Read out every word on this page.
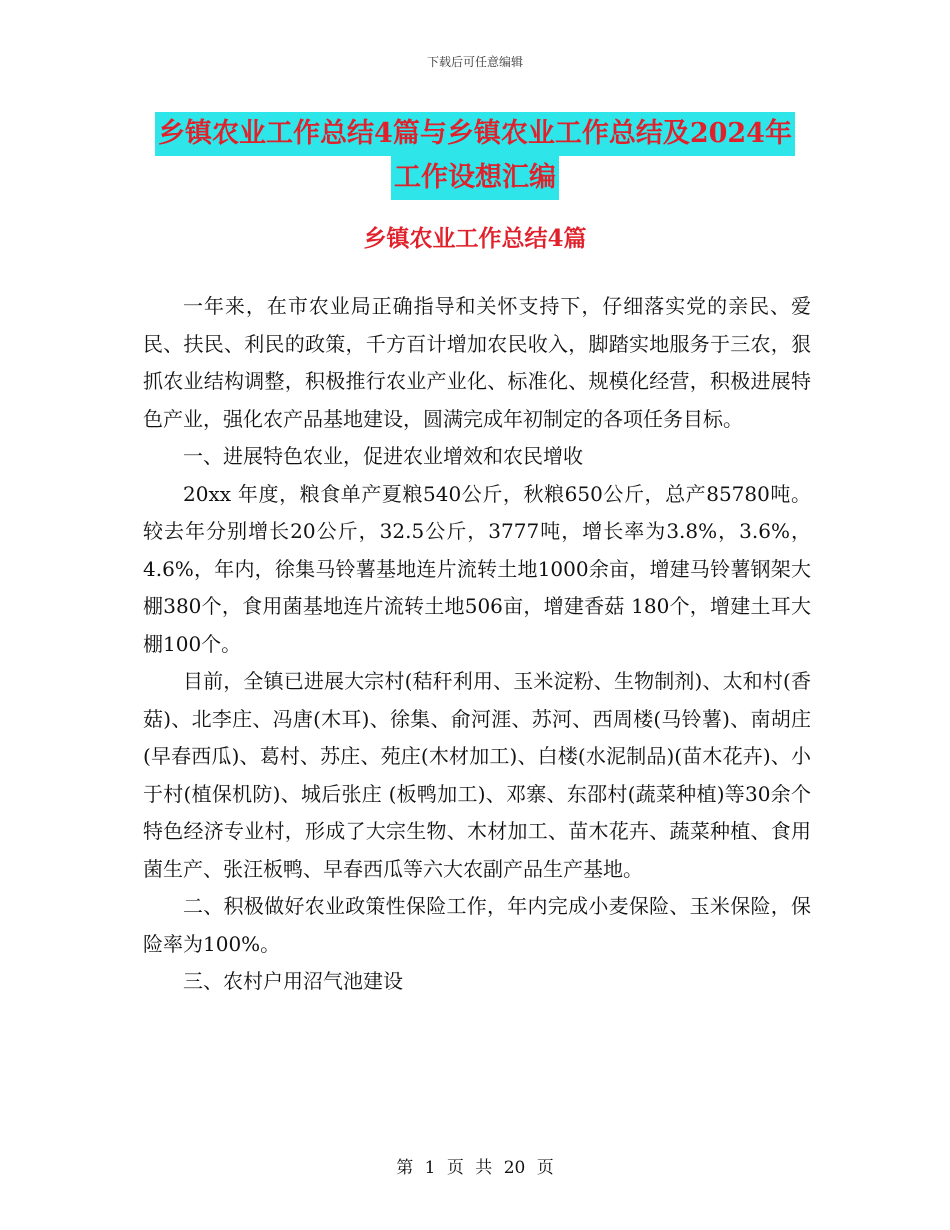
下载后可任意编辑
乡镇农业工作总结4篇与乡镇农业工作总结及2024年
工作设想汇编
乡镇农业工作总结4篇

一年来，在市农业局正确指导和关怀支持下，仔细落实党的亲民、爱民、扶民、利民的政策，千方百计增加农民收入，脚踏实地服务于三农，狠抓农业结构调整，积极推行农业产业化、标准化、规模化经营，积极进展特色产业，强化农产品基地建设，圆满完成年初制定的各项任务目标。

一、进展特色农业，促进农业增效和农民增收

20xx 年度，粮食单产夏粮540公斤，秋粮650公斤，总产85780吨。较去年分别增长20公斤，32.5公斤，3777吨，增长率为3.8%，3.6%，4.6%，年内，徐集马铃薯基地连片流转土地1000余亩，增建马铃薯钢架大棚380个，食用菌基地连片流转土地506亩，增建香菇 180个，增建土耳大棚100个。

目前，全镇已进展大宗村(秸秆利用、玉米淀粉、生物制剂)、太和村(香菇)、北李庄、冯唐(木耳)、徐集、俞河涯、苏河、西周楼(马铃薯)、南胡庄(早春西瓜)、葛村、苏庄、苑庄(木材加工)、白楼(水泥制品)(苗木花卉)、小于村(植保机防)、城后张庄 (板鸭加工)、邓寨、东邵村(蔬菜种植)等30余个特色经济专业村，形成了大宗生物、木材加工、苗木花卉、蔬菜种植、食用菌生产、张汪板鸭、早春西瓜等六大农副产品生产基地。

二、积极做好农业政策性保险工作，年内完成小麦保险、玉米保险，保险率为100%。

三、农村户用沼气池建设

第 1 页 共 20 页
